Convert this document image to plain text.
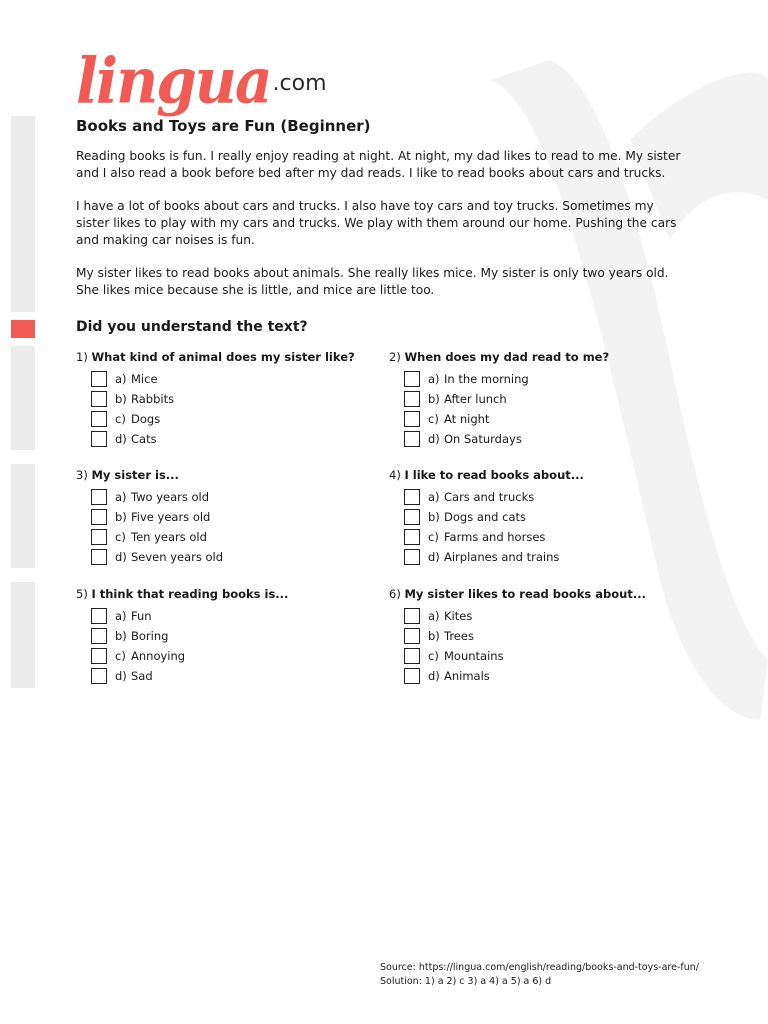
lingua .com
Books and Toys are Fun (Beginner)

Reading books is fun. I really enjoy reading at night. At night, my dad likes to read to me. My sister and I also read a book before bed after my dad reads. I like to read books about cars and trucks.

I have a lot of books about cars and trucks. I also have toy cars and toy trucks. Sometimes my sister likes to play with my cars and trucks. We play with them around our home. Pushing the cars and making car noises is fun.

My sister likes to read books about animals. She really likes mice. My sister is only two years old. She likes mice because she is little, and mice are little too.

Did you understand the text?
1) What kind of animal does my sister like?
a) Mice
b) Rabbits
c) Dogs
d) Cats
2) When does my dad read to me?
a) In the morning
b) After lunch
c) At night
d) On Saturdays
3) My sister is...
a) Two years old
b) Five years old
c) Ten years old
d) Seven years old
4) I like to read books about...
a) Cars and trucks
b) Dogs and cats
c) Farms and horses
d) Airplanes and trains
5) I think that reading books is...
a) Fun
b) Boring
c) Annoying
d) Sad
6) My sister likes to read books about...
a) Kites
b) Trees
c) Mountains
d) Animals
Source: https://lingua.com/english/reading/books-and-toys-are-fun/
Solution: 1) a 2) c 3) a 4) a 5) a 6) d
